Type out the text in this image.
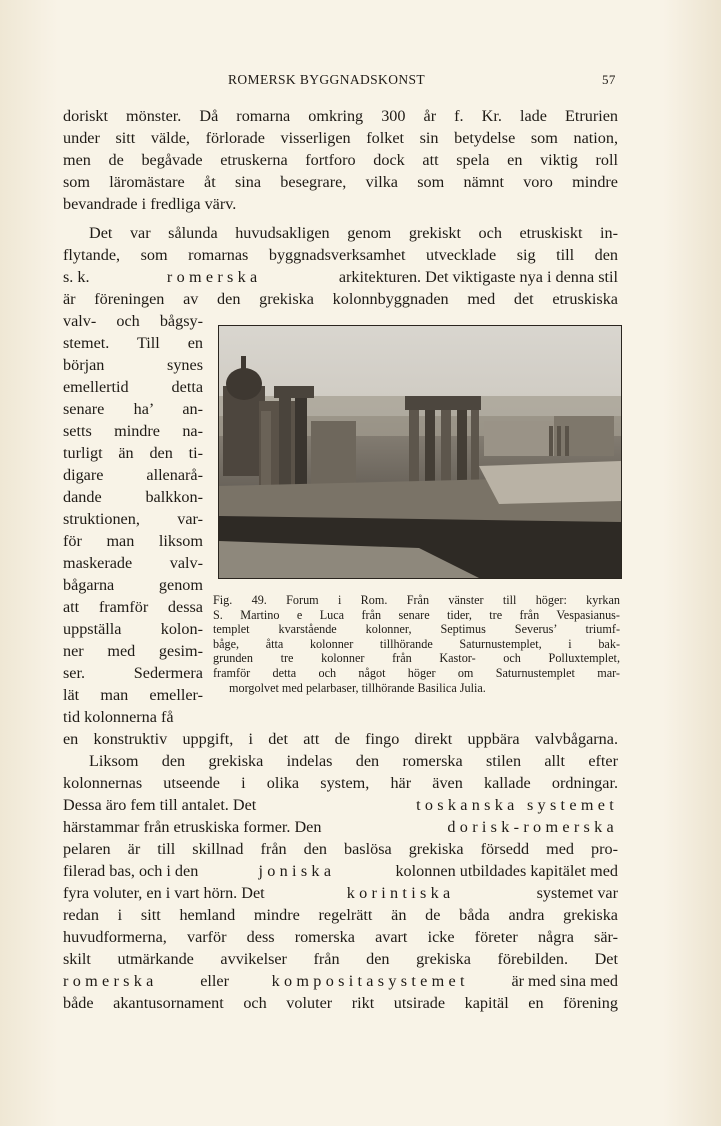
ROMERSK BYGGNADSKONST	57
doriskt mönster. Då romarna omkring 300 år f. Kr. lade Etrurien
under sitt välde, förlorade visserligen folket sin betydelse som nation,
men de begåvade etruskerna fortforo dock att spela en viktig roll
som läromästare åt sina besegrare, vilka som nämnt voro mindre
bevandrade i fredliga värv.
Det var sålunda huvudsakligen genom grekiskt och etruskiskt in-
flytande, som romarnas byggnadsverksamhet utvecklade sig till den
s. k.	romerska	arkitekturen. Det viktigaste nya i denna stil
är föreningen av den grekiska kolonnbyggnaden med det etruskiska
valv- och bågsy-
stemet. Till en
början synes
emellertid detta
senare ha’ an-
setts mindre na-
turligt än den ti-
digare allenarå-
dande balkkon-
struktionen, var-
för man liksom
maskerade valv-
bågarna genom
att framför dessa
uppställa kolon-
ner med gesim-
ser. Sedermera
lät man emeller-
tid kolonnerna få
en konstruktiv uppgift, i det att de fingo direkt uppbära valvbågarna.
Liksom den grekiska indelas den romerska stilen allt efter
kolonnernas utseende i olika system, här även kallade ordningar.
Dessa äro fem till antalet. Det	toskanska systemet
härstammar från etruskiska former. Den	dorisk-romerska
pelaren är till skillnad från den baslösa grekiska försedd med pro-
filerad bas, och i den	joniska	kolonnen utbildades kapitälet med
fyra voluter, en i vart hörn. Det	korintiska	systemet var
redan i sitt hemland mindre regelrätt än de båda andra grekiska
huvudformerna, varför dess romerska avart icke företer några sär-
skilt utmärkande avvikelser från den grekiska förebilden. Det
romerska	eller	kompositasystemet	är med sina med
både akantusornament och voluter rikt utsirade kapitäl en förening
Fig. 49. Forum i Rom. Från vänster till höger: kyrkan
S. Martino e Luca från senare tider, tre från Vespasianus-
templet kvarstående kolonner, Septimus Severus’ triumf-
båge, åtta kolonner tillhörande Saturnustemplet, i bak-
grunden tre kolonner från Kastor- och Polluxtemplet,
framför detta och något höger om Saturnustemplet mar-
morgolvet med pelarbaser, tillhörande Basilica Julia.
